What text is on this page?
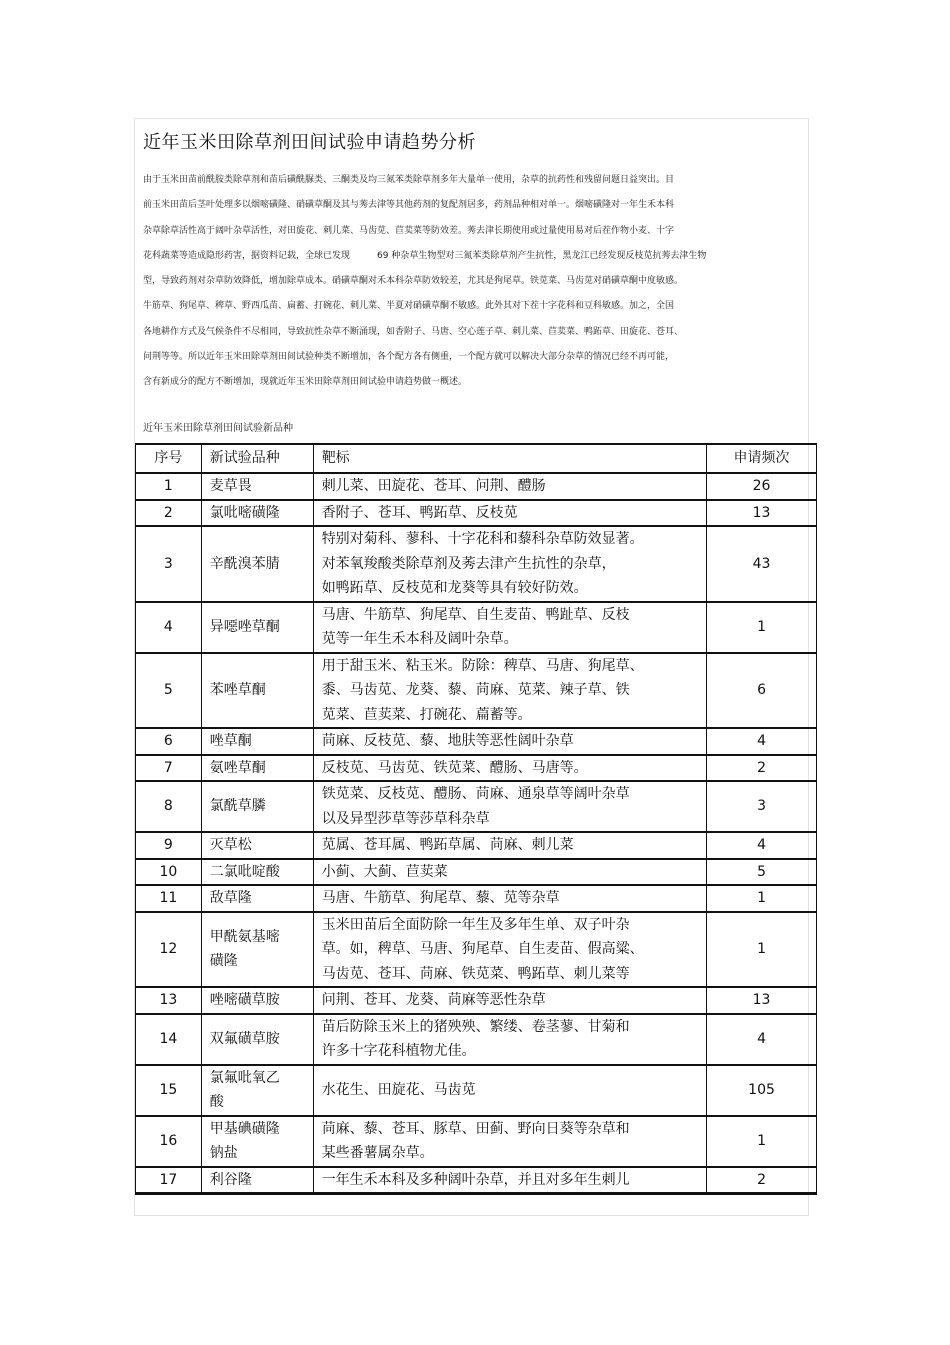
近年玉米田除草剂田间试验申请趋势分析
由于玉米田苗前酰胺类除草剂和苗后磺酰脲类、三酮类及均三氮苯类除草剂多年大量单一使用，杂草的抗药性和残留问题日益突出。目
前玉米田苗后茎叶处理多以烟嘧磺隆、硝磺草酮及其与莠去津等其他药剂的复配剂居多，药剂品种相对单一。烟嘧磺隆对一年生禾本科
杂草除草活性高于阔叶杂草活性，对田旋花、刺儿菜、马齿苋、苣荬菜等防效差。莠去津长期使用或过量使用易对后茬作物小麦、十字
花科蔬菜等造成隐形药害，据资料记载，全球已发现　　　69 种杂草生物型对三氮苯类除草剂产生抗性，黑龙江已经发现反枝苋抗莠去津生物
型，导致药剂对杂草防效降低，增加除草成本。硝磺草酮对禾本科杂草防效较差，尤其是狗尾草。铁苋菜、马齿苋对硝磺草酮中度敏感。
牛筋草、狗尾草、稗草、野西瓜苗、扁蓄、打碗花、刺儿菜、半夏对硝磺草酮不敏感。此外其对下茬十字花科和豆科敏感。加之，全国
各地耕作方式及气候条件不尽相同，导致抗性杂草不断涌现，如香附子、马唐、空心莲子草、刺儿菜、苣荬菜、鸭跖草、田旋花、苍耳、
问荆等等。所以近年玉米田除草剂田间试验种类不断增加，各个配方各有侧重，一个配方就可以解决大部分杂草的情况已经不再可能，
含有新成分的配方不断增加，现就近年玉米田除草剂田间试验申请趋势做一概述。
近年玉米田除草剂田间试验新品种
序号	新试验品种	靶标	申请频次
1	麦草畏	刺儿菜、田旋花、苍耳、问荆、醴肠	26
2	氯吡嘧磺隆	香附子、苍耳、鸭跖草、反枝苋	13
3	辛酰溴苯腈	特别对菊科、蓼科、十字花科和藜科杂草防效显著。
对苯氧羧酸类除草剂及莠去津产生抗性的杂草，
如鸭跖草、反枝苋和龙葵等具有较好防效。	43
4	异噁唑草酮	马唐、牛筋草、狗尾草、自生麦苗、鸭趾草、反枝
苋等一年生禾本科及阔叶杂草。	1
5	苯唑草酮	用于甜玉米、粘玉米。防除：稗草、马唐、狗尾草、
黍、马齿苋、龙葵、藜、苘麻、苋菜、辣子草、铁
苋菜、苣荬菜、打碗花、萹蓄等。	6
6	唑草酮	苘麻、反枝苋、藜、地肤等恶性阔叶杂草	4
7	氨唑草酮	反枝苋、马齿苋、铁苋菜、醴肠、马唐等。	2
8	氯酰草膦	铁苋菜、反枝苋、醴肠、苘麻、通泉草等阔叶杂草
以及异型莎草等莎草科杂草	3
9	灭草松	苋属、苍耳属、鸭跖草属、苘麻、刺儿菜	4
10	二氯吡啶酸	小蓟、大蓟、苣荬菜	5
11	敌草隆	马唐、牛筋草、狗尾草、藜、苋等杂草	1
12	甲酰氨基嘧
磺隆	玉米田苗后全面防除一年生及多年生单、双子叶杂
草。如，稗草、马唐、狗尾草、自生麦苗、假高粱、
马齿苋、苍耳、苘麻、铁苋菜、鸭跖草、刺儿菜等	1
13	唑嘧磺草胺	问荆、苍耳、龙葵、苘麻等恶性杂草	13
14	双氟磺草胺	苗后防除玉米上的猪殃殃、繁缕、卷茎蓼、甘菊和
许多十字花科植物尤佳。	4
15	氯氟吡氧乙
酸	水花生、田旋花、马齿苋	105
16	甲基碘磺隆
钠盐	苘麻、藜、苍耳、豚草、田蓟、野向日葵等杂草和
某些番薯属杂草。	1
17	利谷隆	一年生禾本科及多种阔叶杂草，并且对多年生刺儿	2
